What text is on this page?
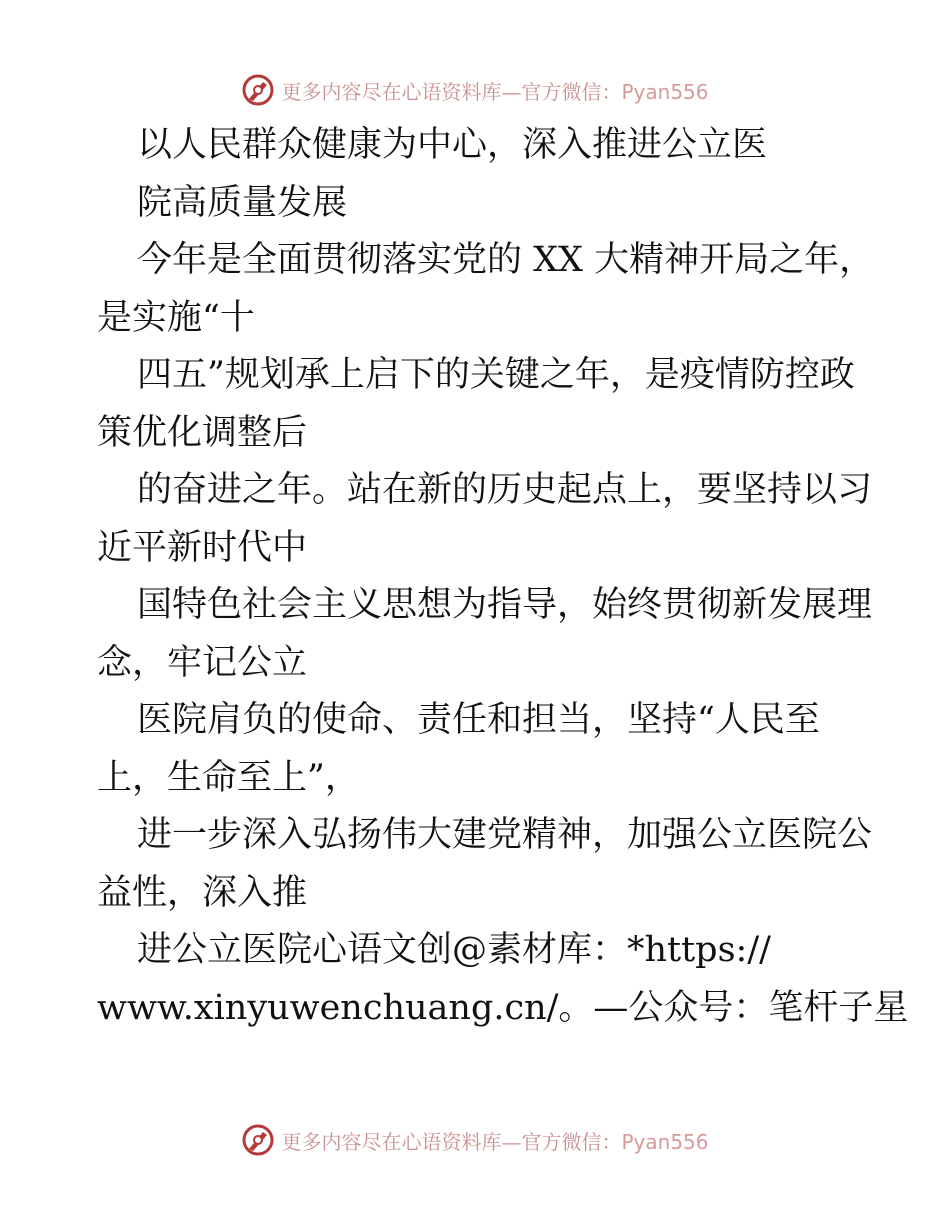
更多内容尽在心语资料库—官方微信：Pyan556
以人民群众健康为中心，深入推进公立医
院高质量发展
今年是全面贯彻落实党的 XX 大精神开局之年，
是实施“十
四五”规划承上启下的关键之年，是疫情防控政
策优化调整后
的奋进之年。站在新的历史起点上，要坚持以习
近平新时代中
国特色社会主义思想为指导，始终贯彻新发展理
念，牢记公立
医院肩负的使命、责任和担当，坚持“人民至
上，生命至上”，
进一步深入弘扬伟大建党精神，加强公立医院公
益性，深入推
进公立医院心语文创@素材库：*https://
www.xinyuwenchuang.cn/。—公众号：笔杆子星
更多内容尽在心语资料库—官方微信：Pyan556
